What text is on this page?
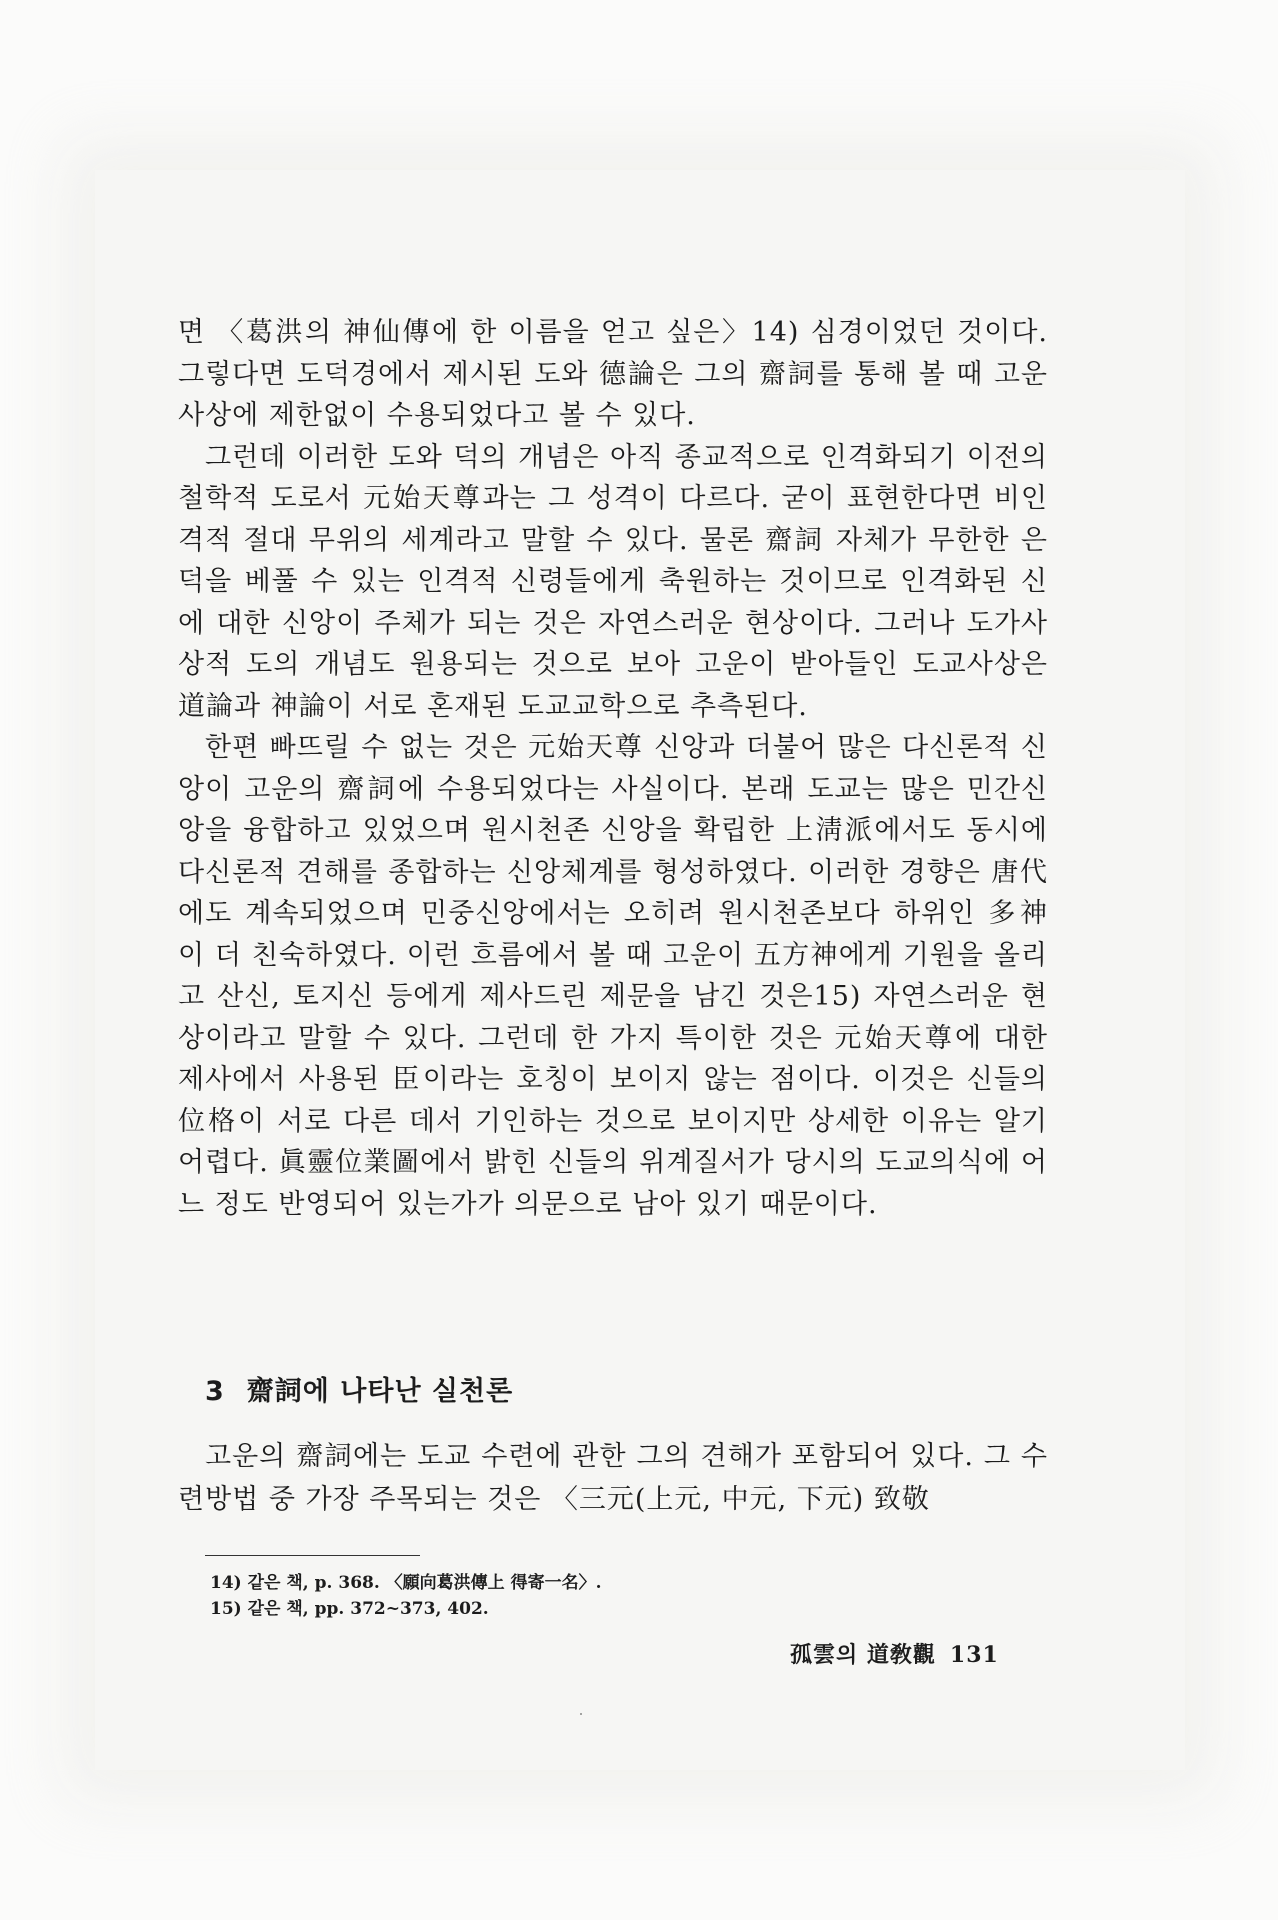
면 〈葛洪의 神仙傳에 한 이름을 얻고 싶은〉14) 심경이었던 것이다. 그렇다면 도덕경에서 제시된 도와 德論은 그의 齋詞를 통해 볼 때 고운사상에 제한없이 수용되었다고 볼 수 있다.

그런데 이러한 도와 덕의 개념은 아직 종교적으로 인격화되기 이전의 철학적 도로서 元始天尊과는 그 성격이 다르다. 굳이 표현한다면 비인격적 절대 무위의 세계라고 말할 수 있다. 물론 齋詞 자체가 무한한 은덕을 베풀 수 있는 인격적 신령들에게 축원하는 것이므로 인격화된 신에 대한 신앙이 주체가 되는 것은 자연스러운 현상이다. 그러나 도가사상적 도의 개념도 원용되는 것으로 보아 고운이 받아들인 도교사상은 道論과 神論이 서로 혼재된 도교교학으로 추측된다.

한편 빠뜨릴 수 없는 것은 元始天尊 신앙과 더불어 많은 다신론적 신앙이 고운의 齋詞에 수용되었다는 사실이다. 본래 도교는 많은 민간신앙을 융합하고 있었으며 원시천존 신앙을 확립한 上淸派에서도 동시에 다신론적 견해를 종합하는 신앙체계를 형성하였다. 이러한 경향은 唐代에도 계속되었으며 민중신앙에서는 오히려 원시천존보다 하위인 多神이 더 친숙하였다. 이런 흐름에서 볼 때 고운이 五方神에게 기원을 올리고 산신, 토지신 등에게 제사드린 제문을 남긴 것은15) 자연스러운 현상이라고 말할 수 있다. 그런데 한 가지 특이한 것은 元始天尊에 대한 제사에서 사용된 臣이라는 호칭이 보이지 않는 점이다. 이것은 신들의 位格이 서로 다른 데서 기인하는 것으로 보이지만 상세한 이유는 알기 어렵다. 眞靈位業圖에서 밝힌 신들의 위계질서가 당시의 도교의식에 어느 정도 반영되어 있는가가 의문으로 남아 있기 때문이다.

3 齋詞에 나타난 실천론

고운의 齋詞에는 도교 수련에 관한 그의 견해가 포함되어 있다. 그 수련방법 중 가장 주목되는 것은 〈三元(上元, 中元, 下元) 致敬

14) 같은 책, p. 368. 〈願向葛洪傳上 得寄一名〉.
15) 같은 책, pp. 372~373, 402.
孤雲의 道敎觀 131
